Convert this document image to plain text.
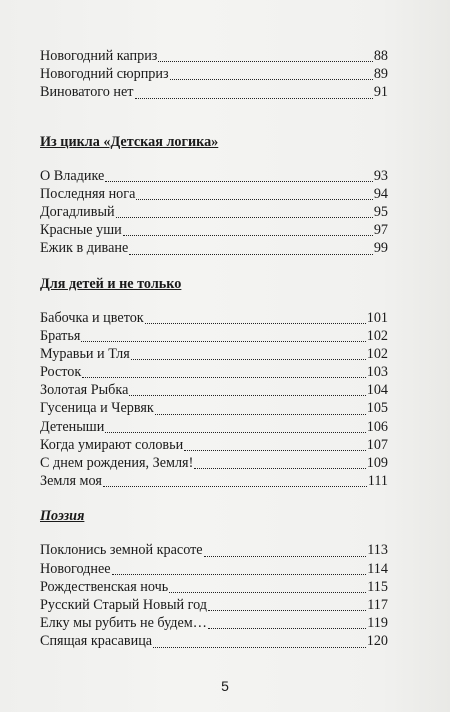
Новогодний каприз	88
Новогодний сюрприз	89
Виноватого нет	91
Из цикла «Детская логика»
О Владике	93
Последняя нога	94
Догадливый	95
Красные уши	97
Ежик в диване	99
Для детей и не только
Бабочка и цветок	101
Братья	102
Муравьи и Тля	102
Росток	103
Золотая Рыбка	104
Гусеница и Червяк	105
Детеныши	106
Когда умирают соловьи	107
С днем рождения, Земля!	109
Земля моя	111
Поэзия
Поклонись земной красоте	113
Новогоднее	114
Рождественская ночь	115
Русский Старый Новый год	117
Елку мы рубить не будем…	119
Спящая красавица	120
5
